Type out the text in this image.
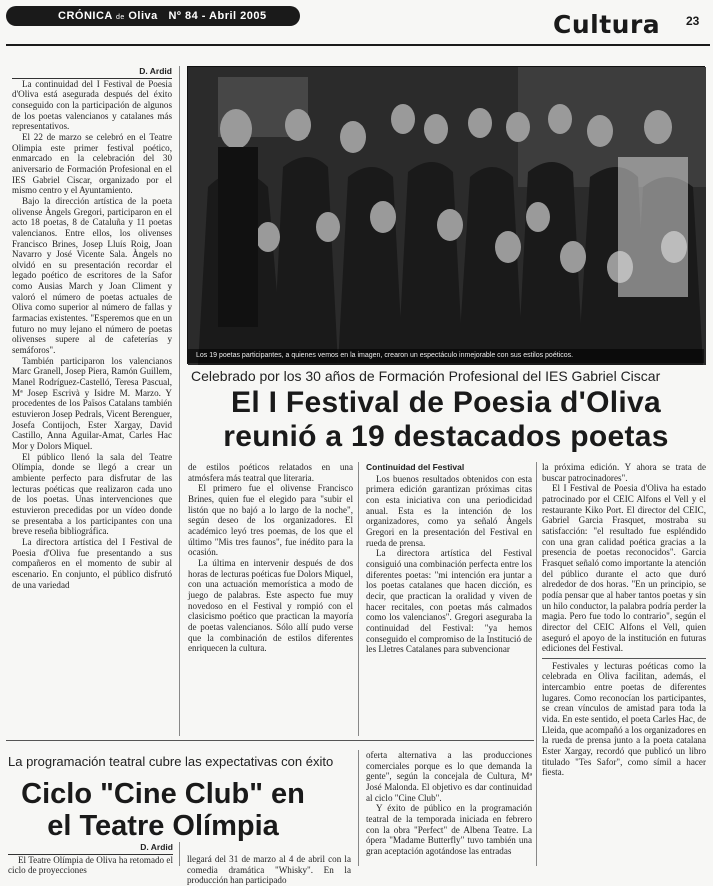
CRÓNICA de Oliva Nº 84 - Abril 2005	Cultura 23
D. Ardid

La continuidad del I Festival de Poesia d'Oliva está asegurada después del éxito conseguido con la participación de algunos de los poetas valencianos y catalanes más representativos.

El 22 de marzo se celebró en el Teatre Olimpia este primer festival poético, enmarcado en la celebración del 30 aniversario de Formación Profesional en el IES Gabriel Ciscar, organizado por el mismo centro y el Ayuntamiento.

Bajo la dirección artística de la poeta olivense Àngels Gregori, participaron en el acto 18 poetas, 8 de Cataluña y 11 poetas valencianos. Entre ellos, los olivenses Francisco Brines, Josep Lluís Roig, Joan Navarro y José Vicente Sala. Àngels no olvidó en su presentación recordar el legado poético de escritores de la Safor como Ausias March y Joan Climent y valoró el número de poetas actuales de Oliva como superior al número de fallas y farmacias existentes. "Esperemos que en un futuro no muy lejano el número de poetas olivenses supere al de cafeterías y semáforos".

También participaron los valencianos Marc Granell, Josep Piera, Ramón Guillem, Manel Rodríguez-Castelló, Teresa Pascual, Mª Josep Escrivà y Isidre M. Marzo. Y procedentes de los Països Catalans también estuvieron Josep Pedrals, Vicent Berenguer, Josefa Contijoch, Ester Xargay, David Castillo, Anna Aguilar-Amat, Carles Hac Mor y Dolors Miquel.

El público llenó la sala del Teatre Olímpia, donde se llegó a crear un ambiente perfecto para disfrutar de las lecturas poéticas que realizaron cada uno de los poetas. Unas intervenciones que estuvieron precedidas por un vídeo donde se presentaba a los participantes con una breve reseña bibliográfica.

La directora artística del I Festival de Poesia d'Oliva fue presentando a sus compañeros en el momento de subir al escenario. En conjunto, el público disfrutó de una variedad

Los 19 poetas participantes, a quienes vemos en la imagen, crearon un espectáculo inmejorable con sus estilos poéticos.
Celebrado por los 30 años de Formación Profesional del IES Gabriel Ciscar
El I Festival de Poesia d'Oliva
reunió a 19 destacados poetas

de estilos poéticos relatados en una atmósfera más teatral que literaria.

El primero fue el olivense Francisco Brines, quien fue el elegido para "subir el listón que no bajó a lo largo de la noche", según deseo de los organizadores. El académico leyó tres poemas, de los que el último "Mis tres faunos", fue inédito para la ocasión.

La última en intervenir después de dos horas de lecturas poéticas fue Dolors Miquel, con una actuación memorística a modo de juego de palabras. Este aspecto fue muy novedoso en el Festival y rompió con el clasicismo poético que practican la mayoría de poetas valencianos. Sólo allí pudo verse que la combinación de estilos diferentes enriquecen la cultura.

Continuidad del Festival

Los buenos resultados obtenidos con esta primera edición garantizan próximas citas con esta iniciativa con una periodicidad anual. Esta es la intención de los organizadores, como ya señaló Àngels Gregori en la presentación del Festival en rueda de prensa.

La directora artística del Festival consiguió una combinación perfecta entre los diferentes poetas: "mi intención era juntar a los poetas catalanes que hacen dicción, es decir, que practican la oralidad y viven de hacer recitales, con poetas más calmados como los valencianos". Gregori aseguraba la continuidad del Festival: "ya hemos conseguido el compromiso de la Institució de les Lletres Catalanes para subvencionar

la próxima edición. Y ahora se trata de buscar patrocinadores".

El I Festival de Poesia d'Oliva ha estado patrocinado por el CEIC Alfons el Vell y el restaurante Kiko Port. El director del CEIC, Gabriel Garcia Frasquet, mostraba su satisfacción: "el resultado fue espléndido con una gran calidad poética gracias a la presencia de poetas reconocidos". Garcia Frasquet señaló como importante la atención del público durante el acto que duró alrededor de dos horas. "En un principio, se podía pensar que al haber tantos poetas y sin un hilo conductor, la palabra podría perder la magia. Pero fue todo lo contrario", según el director del CEIC Alfons el Vell, quien aseguró el apoyo de la institución en futuras ediciones del Festival.

Festivales y lecturas poéticas como la celebrada en Oliva facilitan, además, el intercambio entre poetas de diferentes lugares. Como reconocían los participantes, se crean vínculos de amistad para toda la vida. En este sentido, el poeta Carles Hac, de Lleida, que acompañó a los organizadores en la rueda de prensa junto a la poeta catalana Ester Xargay, recordó que publicó un libro titulado "Tes Safor", como símil a hacer fiesta.

La programación teatral cubre las expectativas con éxito
Ciclo "Cine Club" en
el Teatre Olímpia
D. Ardid

El Teatre Olímpia de Oliva ha retomado el ciclo de proyecciones

llegará del 31 de marzo al 4 de abril con la comedia dramática "Whisky". En la producción han participado

oferta alternativa a las producciones comerciales porque es lo que demanda la gente", según la concejala de Cultura, Mª José Malonda. El objetivo es dar continuidad al ciclo "Cine Club".

Y éxito de público en la programación teatral de la temporada iniciada en febrero con la obra "Perfect" de Albena Teatre. La ópera "Madame Butterfly" tuvo también una gran aceptación agotándose las entradas
